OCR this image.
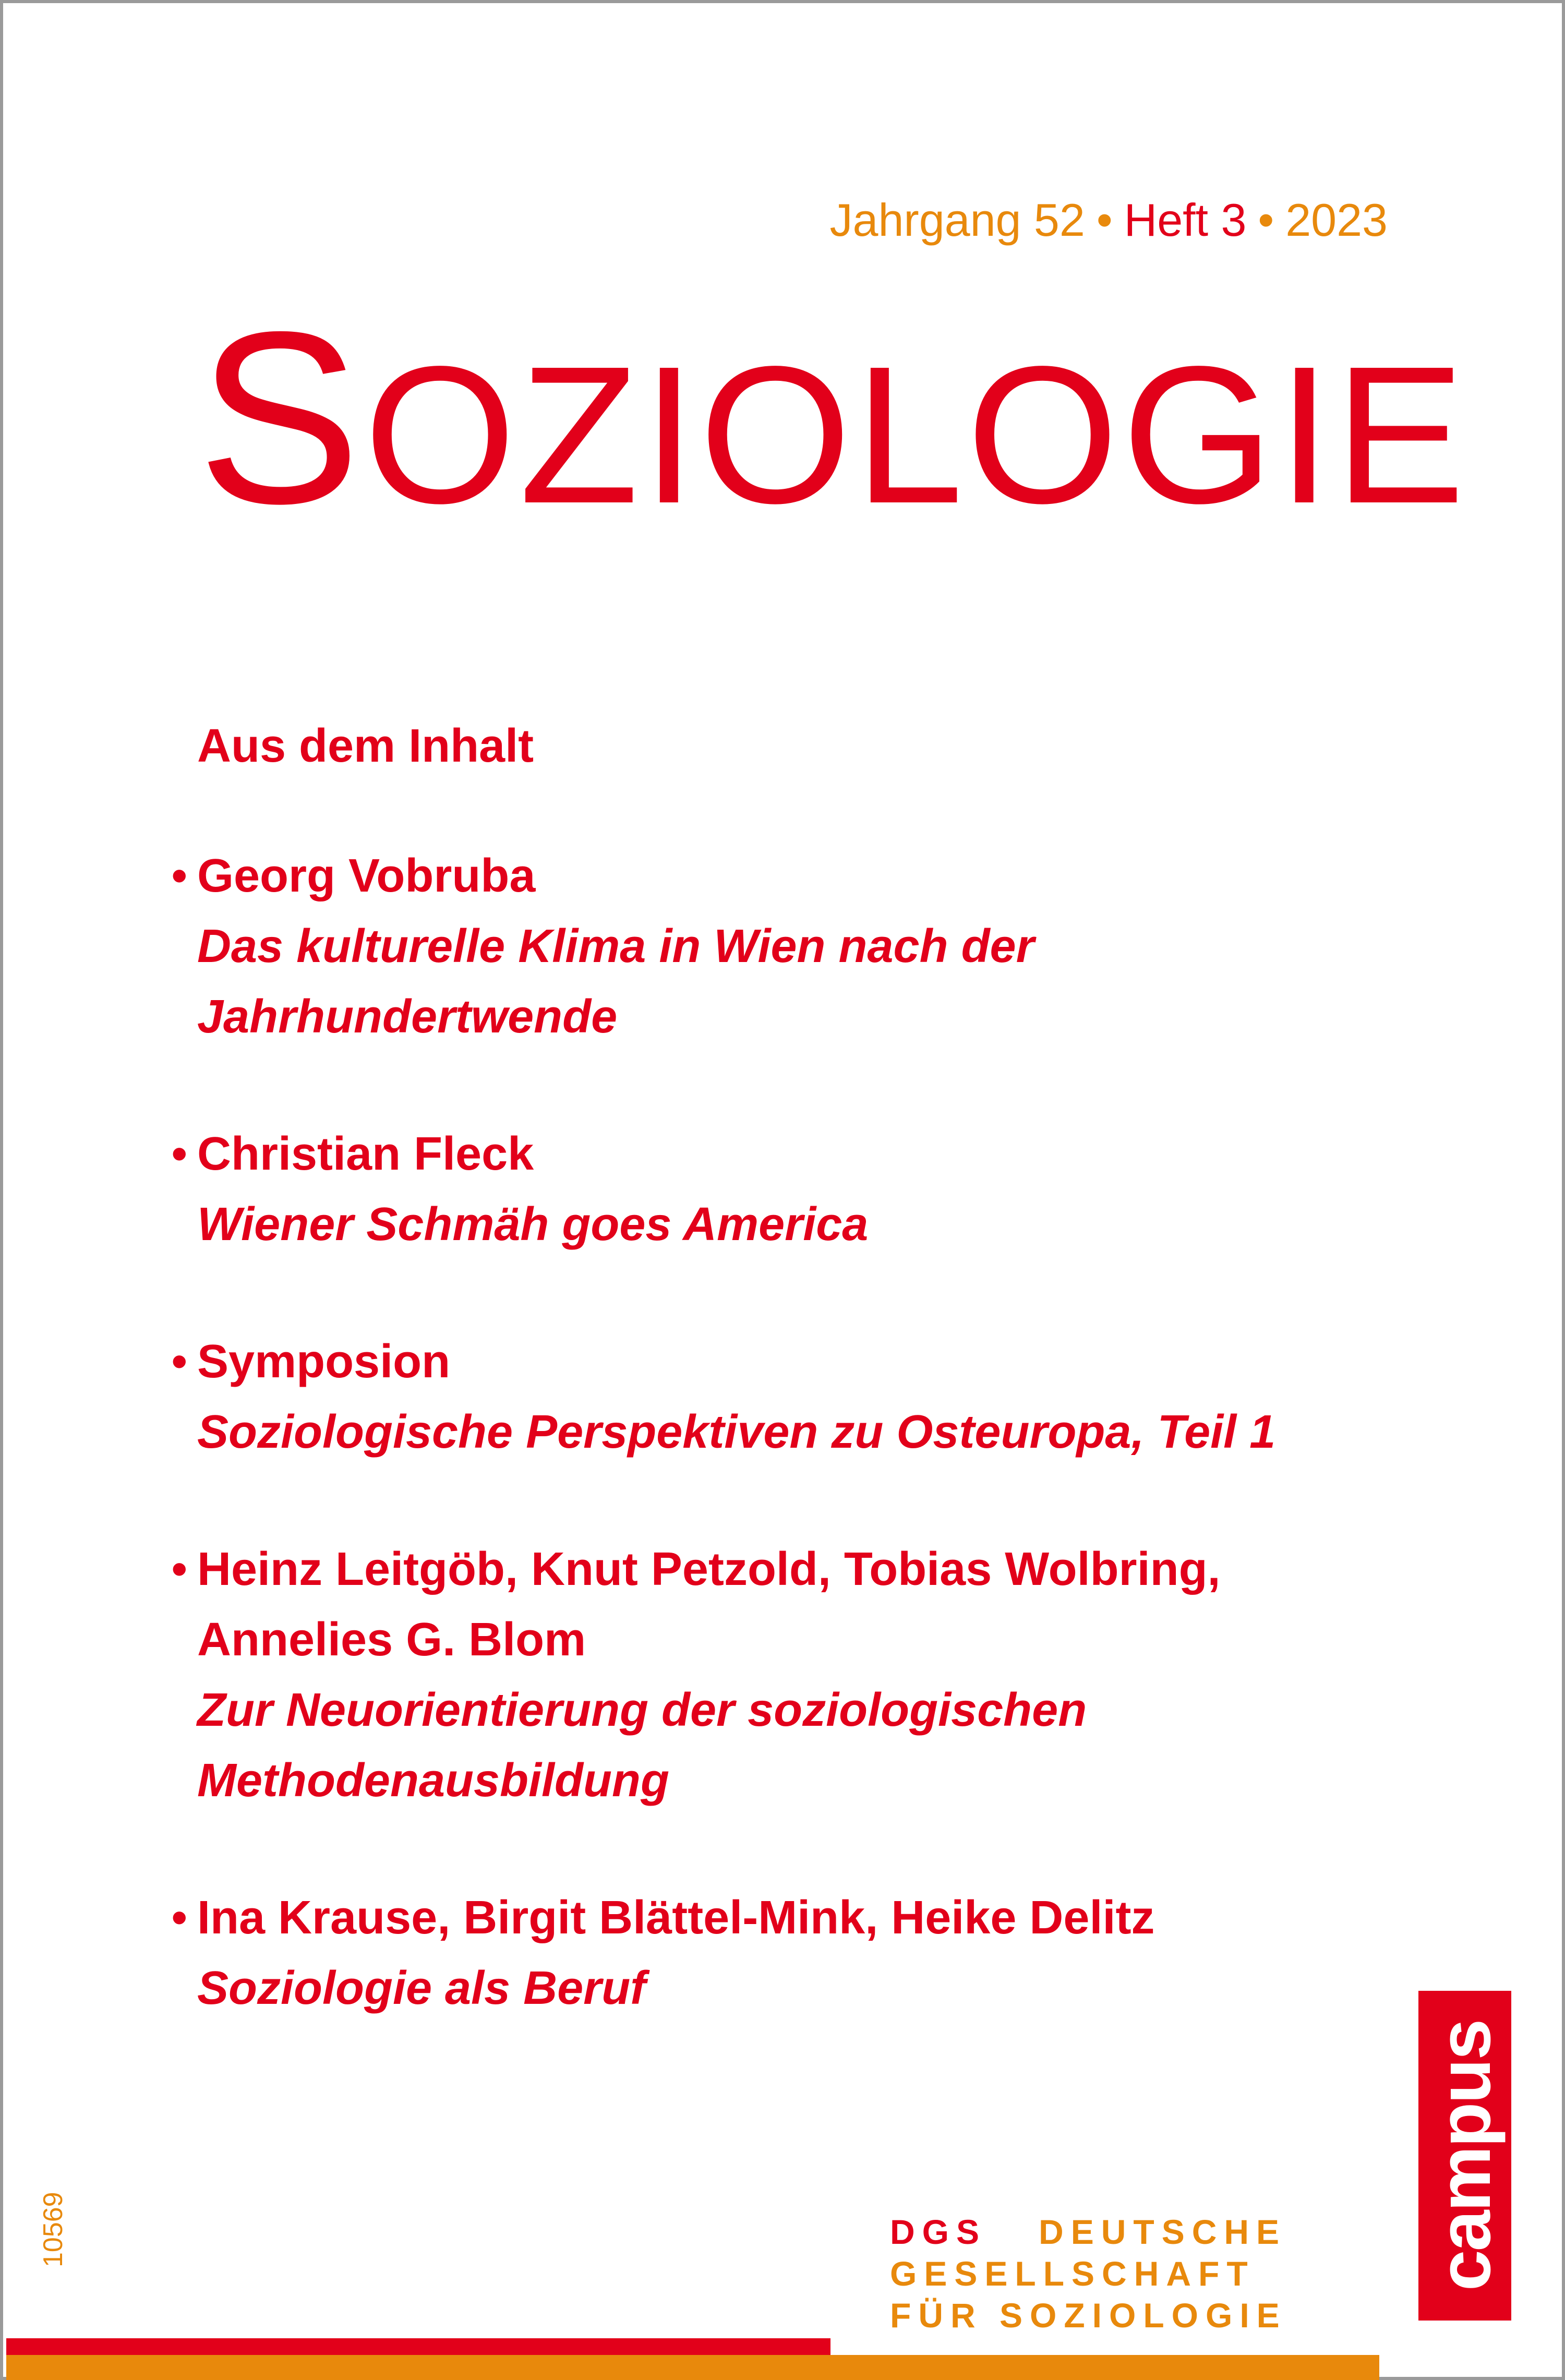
Jahrgang 52 • Heft 3 • 2023
SOZIOLOGIE
Aus dem Inhalt
• Georg Vobruba
Das kulturelle Klima in Wien nach der
Jahrhundertwende
• Christian Fleck
Wiener Schmäh goes America
• Symposion
Soziologische Perspektiven zu Osteuropa, Teil 1
• Heinz Leitgöb, Knut Petzold, Tobias Wolbring,
Annelies G. Blom
Zur Neuorientierung der soziologischen
Methodenausbildung
• Ina Krause, Birgit Blättel-Mink, Heike Delitz
Soziologie als Beruf
campus
DGS DEUTSCHE
GESELLSCHAFT
FÜR SOZIOLOGIE
10569
